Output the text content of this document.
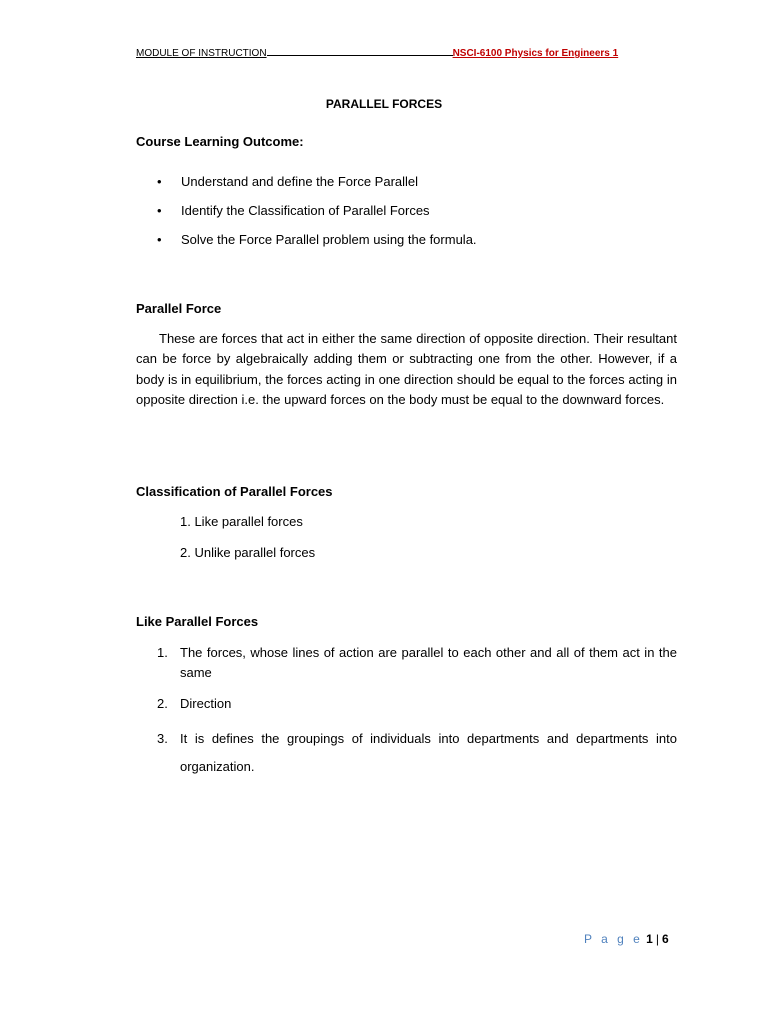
MODULE OF INSTRUCTION	NSCI-6100 Physics for Engineers 1
PARALLEL FORCES
Course Learning Outcome:
• Understand and define the Force Parallel
• Identify the Classification of Parallel Forces
• Solve the Force Parallel problem using the formula.
Parallel Force
These are forces that act in either the same direction of opposite direction. Their resultant can be force by algebraically adding them or subtracting one from the other. However, if a body is in equilibrium, the forces acting in one direction should be equal to the forces acting in opposite direction i.e. the upward forces on the body must be equal to the downward forces.
Classification of Parallel Forces
1. Like parallel forces
2. Unlike parallel forces
Like Parallel Forces
1. The forces, whose lines of action are parallel to each other and all of them act in the same
2. Direction
3. It is defines the groupings of individuals into departments and departments into organization.
P a g e 1 | 6
